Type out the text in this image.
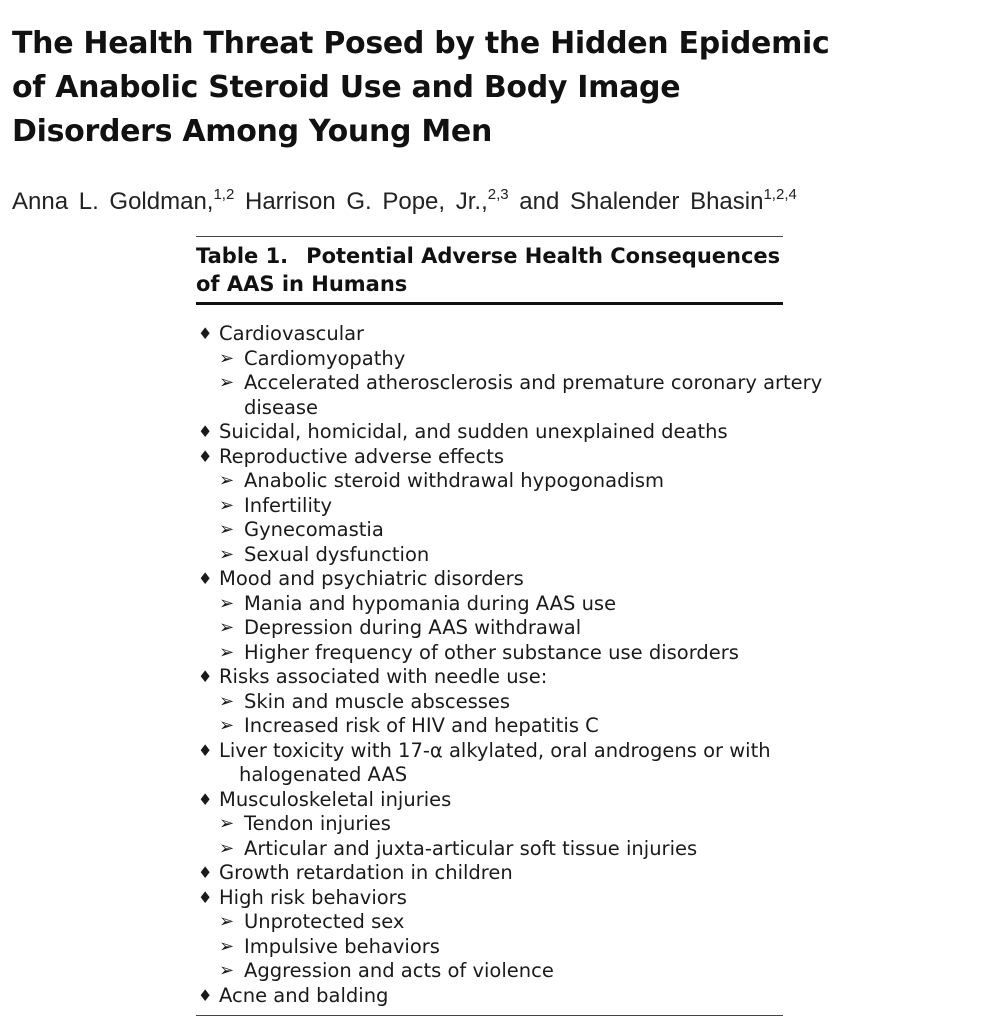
The Health Threat Posed by the Hidden Epidemic
of Anabolic Steroid Use and Body Image
Disorders Among Young Men
Anna L. Goldman,$^{1,2}$ Harrison G. Pope, Jr.,$^{2,3}$ and Shalender Bhasin$^{1,2,4}$
Table 1. Potential Adverse Health Consequences
of AAS in Humans
♦ Cardiovascular
➢ Cardiomyopathy
➢ Accelerated atherosclerosis and premature coronary artery
disease
♦ Suicidal, homicidal, and sudden unexplained deaths
♦ Reproductive adverse effects
➢ Anabolic steroid withdrawal hypogonadism
➢ Infertility
➢ Gynecomastia
➢ Sexual dysfunction
♦ Mood and psychiatric disorders
➢ Mania and hypomania during AAS use
➢ Depression during AAS withdrawal
➢ Higher frequency of other substance use disorders
♦ Risks associated with needle use:
➢ Skin and muscle abscesses
➢ Increased risk of HIV and hepatitis C
♦ Liver toxicity with 17-α alkylated, oral androgens or with
halogenated AAS
♦ Musculoskeletal injuries
➢ Tendon injuries
➢ Articular and juxta-articular soft tissue injuries
♦ Growth retardation in children
♦ High risk behaviors
➢ Unprotected sex
➢ Impulsive behaviors
➢ Aggression and acts of violence
♦ Acne and balding
